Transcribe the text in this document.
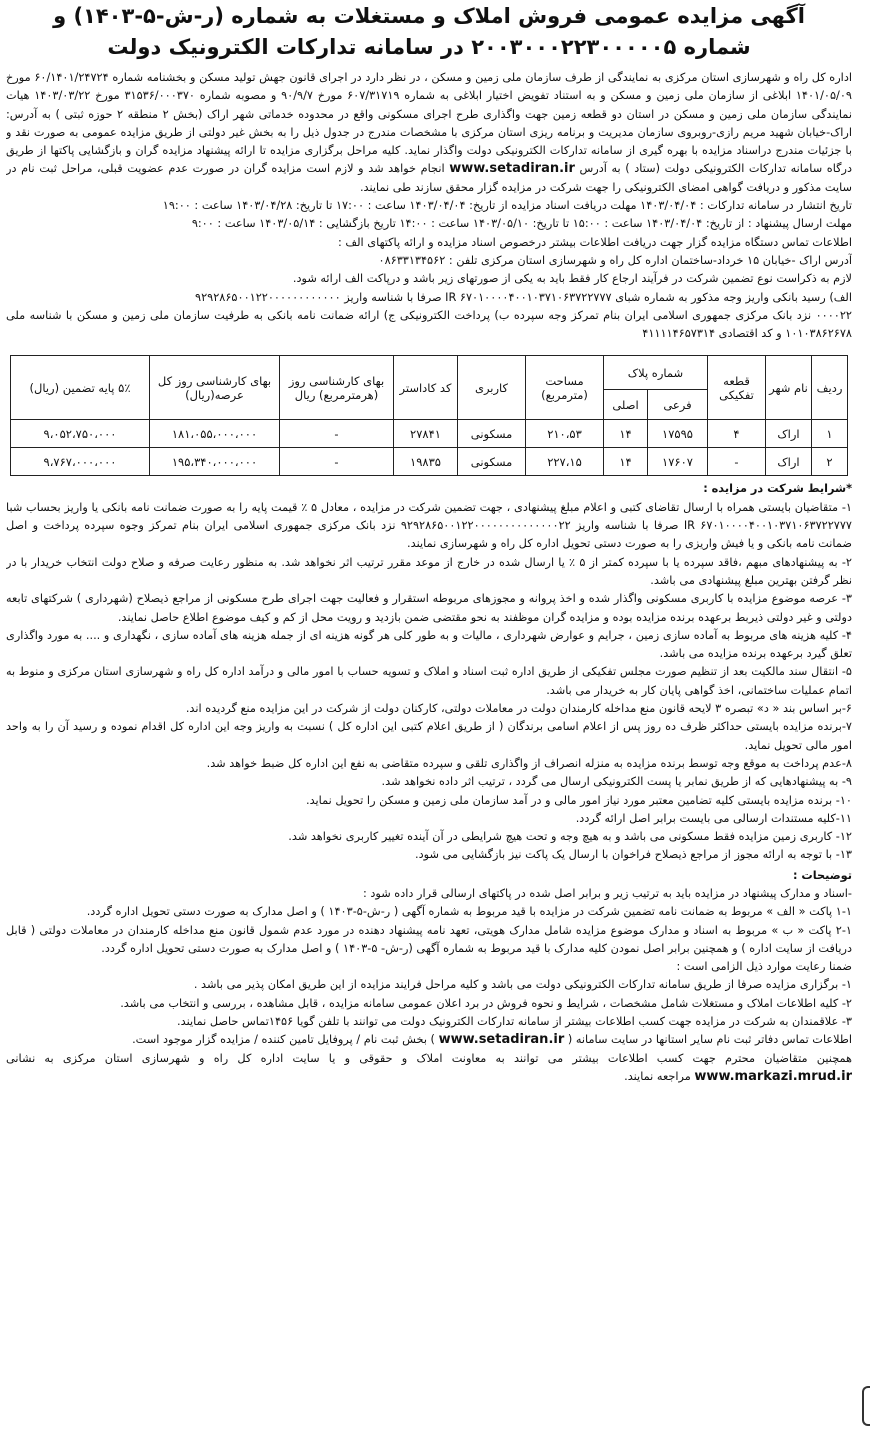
آگهی مزایده عمومی فروش املاک و مستغلات به شماره (ر-ش-۵-۱۴۰۳) و
شماره ۲۰۰۳۰۰۰۲۲۳۰۰۰۰۰۵ در سامانه تدارکات الکترونیک دولت
اداره کل راه و شهرسازی استان مرکزی به نمایندگی از طرف سازمان ملی زمین و مسکن ، در نظر دارد در اجرای قانون جهش تولید مسکن و بخشنامه شماره ۶۰/۱۴۰۱/۲۴۷۲۴ مورخ ۱۴۰۱/۰۵/۰۹ ابلاغی از سازمان ملی زمین و مسکن و به استناد تفویض اختیار ابلاغی به شماره ۶۰۷/۳۱۷۱۹ مورخ ۹۰/۹/۷ و مصوبه شماره ۳۱۵۳۶/۰۰۰۳۷۰ مورخ ۱۴۰۳/۰۳/۲۲ هیات نمایندگی سازمان ملی زمین و مسکن در استان دو قطعه زمین جهت واگذاری طرح اجرای مسکونی واقع در محدوده خدماتی شهر اراک (بخش ۲ منطقه ۲ حوزه ثبتی ) به آدرس: اراک-خیابان شهید مریم رازی-روبروی سازمان مدیریت و برنامه ریزی استان مرکزی با مشخصات مندرج در جدول ذیل را به بخش غیر دولتی از طریق مزایده عمومی به صورت نقد و با جزئیات مندرج دراسناد مزایده با بهره گیری از سامانه تدارکات الکترونیکی دولت واگذار نماید. کلیه مراحل برگزاری مزایده تا ارائه پیشنهاد مزایده گران و بازگشایی پاکتها از طریق درگاه سامانه تدارکات الکترونیکی دولت (ستاد ) به آدرس www.setadiran.ir انجام خواهد شد و لازم است مزایده گران در صورت عدم عضویت قبلی، مراحل ثبت نام در سایت مذکور و دریافت گواهی امضای الکترونیکی را جهت شرکت در مزایده گزار محقق سازند طی نمایند.
تاریخ انتشار در سامانه تدارکات : ۱۴۰۳/۰۴/۰۴ مهلت دریافت اسناد مزایده از تاریخ: ۱۴۰۳/۰۴/۰۴ ساعت : ۱۷:۰۰ تا تاریخ: ۱۴۰۳/۰۴/۲۸ ساعت : ۱۹:۰۰
مهلت ارسال پیشنهاد : از تاریخ: ۱۴۰۳/۰۴/۰۴ ساعت : ۱۵:۰۰ تا تاریخ: ۱۴۰۳/۰۵/۱۰ ساعت : ۱۴:۰۰ تاریخ بازگشایی : ۱۴۰۳/۰۵/۱۴ ساعت : ۹:۰۰
اطلاعات تماس دستگاه مزایده گزار جهت دریافت اطلاعات بیشتر درخصوص اسناد مزایده و ارائه پاکتهای الف :
آدرس اراک -خیابان ۱۵ خرداد-ساختمان اداره کل راه و شهرسازی استان مرکزی تلفن : ۰۸۶۳۳۱۳۴۵۶۲
لازم به ذکراست نوع تضمین شرکت در فرآیند ارجاع کار فقط باید به یکی از صورتهای زیر باشد و درپاکت الف ارائه شود.
الف) رسید بانکی واریز وجه مذکور به شماره شبای IR ۶۷۰۱۰۰۰۰۴۰۰۱۰۳۷۱۰۶۳۷۲۲۷۷۷ صرفا با شناسه واریز ۹۲۹۲۸۶۵۰۰۱۲۲۰۰۰۰۰۰۰۰۰۰۰۰
۰۰۰۰۲۲ نزد بانک مرکزی جمهوری اسلامی ایران بنام تمرکز وجه سپرده ب) پرداخت الکترونیکی ج) ارائه ضمانت نامه بانکی به طرفیت سازمان ملی زمین و مسکن با شناسه ملی ۱۰۱۰۳۸۶۲۶۷۸ و کد اقتصادی ۴۱۱۱۱۴۶۵۷۳۱۴
ردیف	نام شهر	قطعه تفکیکی	شماره پلاک		مساحت (مترمربع)	کاربری	کد کاداستر	بهای کارشناسی روز (هرمترمربع) ریال	بهای کارشناسی روز کل عرصه(ریال)	۵٪ پایه تضمین (ریال)
			فرعی	اصلی						
۱	اراک	۴	۱۷۵۹۵	۱۴	۲۱۰،۵۳	مسکونی	۲۷۸۴۱	-	۱۸۱،۰۵۵،۰۰۰،۰۰۰	۹،۰۵۲،۷۵۰،۰۰۰
۲	اراک	-	۱۷۶۰۷	۱۴	۲۲۷،۱۵	مسکونی	۱۹۸۳۵	-	۱۹۵،۳۴۰،۰۰۰،۰۰۰	۹،۷۶۷،۰۰۰،۰۰۰
*شرایط شرکت در مزایده :
۱- متقاضیان بایستی همراه با ارسال تقاضای کتبی و اعلام مبلغ پیشنهادی ، جهت تضمین شرکت در مزایده ، معادل ۵ ٪ قیمت پایه را به صورت ضمانت نامه بانکی یا واریز بحساب شبا IR ۶۷۰۱۰۰۰۰۴۰۰۱۰۳۷۱۰۶۳۷۲۲۷۷۷ صرفا با شناسه واریز ۹۲۹۲۸۶۵۰۰۱۲۲۰۰۰۰۰۰۰۰۰۰۰۰۰۰۲۲ نزد بانک مرکزی جمهوری اسلامی ایران بنام تمرکز وجوه سپرده پرداخت و اصل ضمانت نامه بانکی و یا فیش واریزی را به صورت دستی تحویل اداره کل راه و شهرسازی نمایند.
۲- به پیشنهادهای مبهم ،فاقد سپرده یا با سپرده کمتر از ۵ ٪ یا ارسال شده در خارج از موعد مقرر ترتیب اثر نخواهد شد. به منظور رعایت صرفه و صلاح دولت انتخاب خریدار با در نظر گرفتن بهترین مبلغ پیشنهادی می باشد.
۳- عرصه موضوع مزایده با کاربری مسکونی واگذار شده و اخذ پروانه و مجوزهای مربوطه استقرار و فعالیت جهت اجرای طرح مسکونی از مراجع ذیصلاح (شهرداری ) شرکتهای تابعه دولتی و غیر دولتی ذیربط برعهده برنده مزایده بوده و مزایده گران موظفند به نحو مقتضی ضمن بازدید و رویت محل از کم و کیف موضوع اطلاع حاصل نمایند.
۴- کلیه هزینه های مربوط به آماده سازی زمین ، جرایم و عوارض شهرداری ، مالیات و به طور کلی هر گونه هزینه ای از جمله هزینه های آماده سازی ، نگهداری و .... به مورد واگذاری تعلق گیرد برعهده برنده مزایده می باشد.
۵- انتقال سند مالکیت بعد از تنظیم صورت مجلس تفکیکی از طریق اداره ثبت اسناد و املاک و تسویه حساب با امور مالی و درآمد اداره کل راه و شهرسازی استان مرکزی و منوط به اتمام عملیات ساختمانی، اخذ گواهی پایان کار به خریدار می باشد.
۶-بر اساس بند « د» تبصره ۳ لایحه قانون منع مداخله کارمندان دولت در معاملات دولتی، کارکنان دولت از شرکت در این مزایده منع گردیده اند.
۷-برنده مزایده بایستی حداکثر ظرف ده روز پس از اعلام اسامی برندگان ( از طریق اعلام کتبی این اداره کل ) نسبت به واریز وجه این اداره کل اقدام نموده و رسید آن را به واحد امور مالی تحویل نماید.
۸-عدم پرداخت به موقع وجه توسط برنده مزایده به منزله انصراف از واگذاری تلقی و سپرده متقاضی به نفع این اداره کل ضبط خواهد شد.
۹- به پیشنهادهایی که از طریق نمابر یا پست الکترونیکی ارسال می گردد ، ترتیب اثر داده نخواهد شد.
۱۰- برنده مزایده بایستی کلیه تضامین معتبر مورد نیاز امور مالی و در آمد سازمان ملی زمین و مسکن را تحویل نماید.
۱۱-کلیه مستندات ارسالی می بایست برابر اصل ارائه گردد.
۱۲- کاربری زمین مزایده فقط مسکونی می باشد و به هیچ وجه و تحت هیچ شرایطی در آن آینده تغییر کاربری نخواهد شد.
۱۳- با توجه به ارائه مجوز از مراجع ذیصلاح فراخوان با ارسال یک پاکت نیز بازگشایی می شود.
توضیحات :
-اسناد و مدارک پیشنهاد در مزایده باید به ترتیب زیر و برابر اصل شده در پاکتهای ارسالی قرار داده شود :
۱-۱ پاکت « الف » مربوط به ضمانت نامه تضمین شرکت در مزایده با قید مربوط به شماره آگهی ( ر-ش-۵-۱۴۰۳ ) و اصل مدارک به صورت دستی تحویل اداره گردد.
۲-۱ پاکت « ب » مربوط به اسناد و مدارک موضوع مزایده شامل مدارک هویتی، تعهد نامه پیشنهاد دهنده در مورد عدم شمول قانون منع مداخله کارمندان در معاملات دولتی ( قابل دریافت از سایت اداره ) و همچنین برابر اصل نمودن کلیه مدارک با قید مربوط به شماره آگهی (ر-ش- ۵-۱۴۰۳ ) و اصل مدارک به صورت دستی تحویل اداره گردد.
ضمنا رعایت موارد ذیل الزامی است :
۱- برگزاری مزایده صرفا از طریق سامانه تدارکات الکترونیکی دولت می باشد و کلیه مراحل فرایند مزایده از این طریق امکان پذیر می باشد .
۲- کلیه اطلاعات املاک و مستغلات شامل مشخصات ، شرایط و نحوه فروش در برد اعلان عمومی سامانه مزایده ، قابل مشاهده ، بررسی و انتخاب می باشد.
۳- علاقمندان به شرکت در مزایده جهت کسب اطلاعات بیشتر از سامانه تدارکات الکترونیک دولت می توانند با تلفن گویا ۱۴۵۶تماس حاصل نمایند.
اطلاعات تماس دفاتر ثبت نام سایر استانها در سایت سامانه ( www.setadiran.ir ) بخش ثبت نام / پروفایل تامین کننده / مزایده گزار موجود است.
همچنین متقاضیان محترم جهت کسب اطلاعات بیشتر می توانند به معاونت املاک و حقوقی و یا سایت اداره کل راه و شهرسازی استان مرکزی به نشانی www.markazi.mrud.ir مراجعه نمایند.
